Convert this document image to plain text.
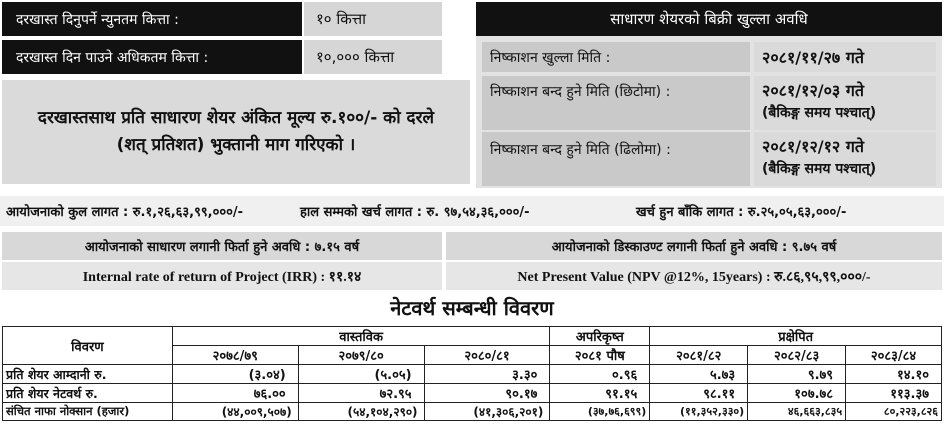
दरखास्त दिनुपर्ने न्युनतम कित्ता :	१० कित्ता
दरखास्त दिन पाउने अधिकतम कित्ता :	१०,००० कित्ता
दरखास्तसाथ प्रति साधारण शेयर अंकित मूल्य रु.१००/- को दरले (शत् प्रतिशत) भुक्तानी माग गरिएको ।
साधारण शेयरको बिक्री खुल्ला अवधि
निष्काशन खुल्ला मिति :	२०८१/११/२७ गते
निष्काशन बन्द हुने मिति (छिटोमा) :	२०८१/१२/०३ गते
(बैकिङ्ग समय पश्चात्)
निष्काशन बन्द हुने मिति (ढिलोमा) :	२०८१/१२/१२ गते
(बैकिङ्ग समय पश्चात्)
आयोजनाको कुल लागत : रु.१,२६,६३,९९,०००/-	हाल सम्मको खर्च लागत : रु. ९७,५४,३६,०००/-	खर्च हुन बाँकि लागत : रु.२५,०५,६३,०००/-
आयोजनाको साधारण लगानी फिर्ता हुने अवधि : ७.१५ वर्ष	आयोजनाको डिस्काउण्ट लगानी फिर्ता हुने अवधि : ९.७५ वर्ष
Internal rate of return of Project (IRR) : ११.१४	Net Present Value (NPV @12%, 15years) : रु.८६,९५,९९,०००/-
नेटवर्थ सम्बन्धी विवरण
विवरण	वास्तविक			अपरिकृष्त	प्रक्षेपित		
	२०७८/७९	२०७९/८०	२०८०/८१	२०८१ पौष	२०८१/८२	२०८२/८३	२०८३/८४
प्रति शेयर आम्दानी रु.	(३.०४)	(५.०५)	३.३०	०.९६	५.७३	९.७९	१४.१०
प्रति शेयर नेटवर्थ रु.	७६.००	७२.९५	९०.१७	९१.१५	९८.११	१०७.७८	११३.३७
संचित नाफा नोक्सान (हजार)	(४४,००९,५०७)	(५४,१०४,२९०)	(४१,३०६,२०१)	(३७,७६,६९९)	(११,३५२,३३०)	४६,६६३,८३५	८०,२२३,८२६
